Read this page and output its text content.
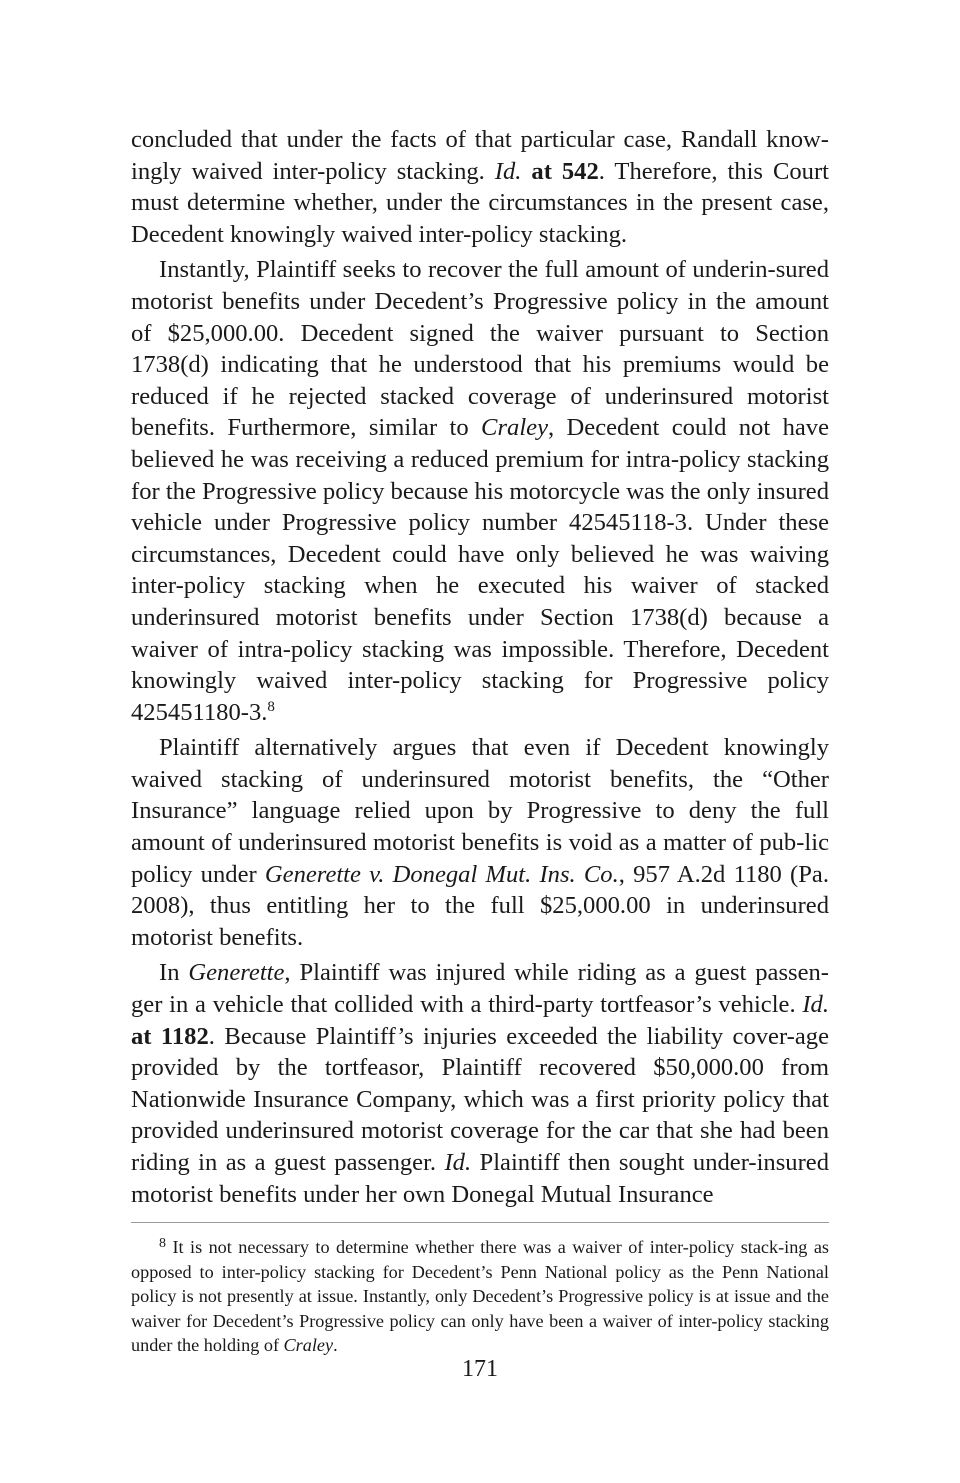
concluded that under the facts of that particular case, Randall know-ingly waived inter-policy stacking. Id. at 542. Therefore, this Court must determine whether, under the circumstances in the present case, Decedent knowingly waived inter-policy stacking.

Instantly, Plaintiff seeks to recover the full amount of underin-sured motorist benefits under Decedent’s Progressive policy in the amount of $25,000.00. Decedent signed the waiver pursuant to Section 1738(d) indicating that he understood that his premiums would be reduced if he rejected stacked coverage of underinsured motorist benefits. Furthermore, similar to Craley, Decedent could not have believed he was receiving a reduced premium for intra-policy stacking for the Progressive policy because his motorcycle was the only insured vehicle under Progressive policy number 42545118-3. Under these circumstances, Decedent could have only believed he was waiving inter-policy stacking when he executed his waiver of stacked underinsured motorist benefits under Section 1738(d) because a waiver of intra-policy stacking was impossible. Therefore, Decedent knowingly waived inter-policy stacking for Progressive policy 425451180-3.$^8$

Plaintiff alternatively argues that even if Decedent knowingly waived stacking of underinsured motorist benefits, the “Other Insurance” language relied upon by Progressive to deny the full amount of underinsured motorist benefits is void as a matter of pub-lic policy under Generette v. Donegal Mut. Ins. Co., 957 A.2d 1180 (Pa. 2008), thus entitling her to the full $25,000.00 in underinsured motorist benefits.

In Generette, Plaintiff was injured while riding as a guest passen-ger in a vehicle that collided with a third-party tortfeasor’s vehicle. Id. at 1182. Because Plaintiff’s injuries exceeded the liability cover-age provided by the tortfeasor, Plaintiff recovered $50,000.00 from Nationwide Insurance Company, which was a first priority policy that provided underinsured motorist coverage for the car that she had been riding in as a guest passenger. Id. Plaintiff then sought under-insured motorist benefits under her own Donegal Mutual Insurance

$^8$ It is not necessary to determine whether there was a waiver of inter-policy stack-ing as opposed to inter-policy stacking for Decedent’s Penn National policy as the Penn National policy is not presently at issue. Instantly, only Decedent’s Progressive policy is at issue and the waiver for Decedent’s Progressive policy can only have been a waiver of inter-policy stacking under the holding of Craley.

171
